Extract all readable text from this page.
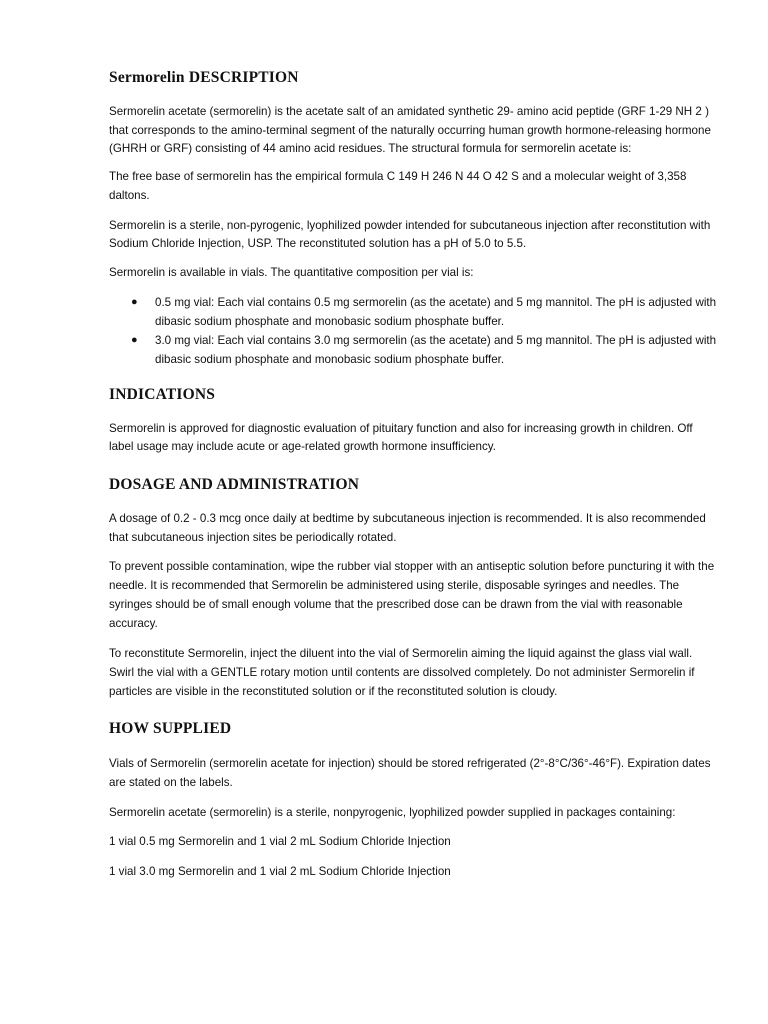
Sermorelin DESCRIPTION

Sermorelin acetate (sermorelin) is the acetate salt of an amidated synthetic 29- amino acid peptide (GRF 1-29 NH 2 ) that corresponds to the amino-terminal segment of the naturally occurring human growth hormone-releasing hormone (GHRH or GRF) consisting of 44 amino acid residues. The structural formula for sermorelin acetate is:

The free base of sermorelin has the empirical formula C 149 H 246 N 44 O 42 S and a molecular weight of 3,358 daltons.

Sermorelin is a sterile, non-pyrogenic, lyophilized powder intended for subcutaneous injection after reconstitution with Sodium Chloride Injection, USP. The reconstituted solution has a pH of 5.0 to 5.5.

Sermorelin is available in vials. The quantitative composition per vial is:

● 0.5 mg vial: Each vial contains 0.5 mg sermorelin (as the acetate) and 5 mg mannitol. The pH is adjusted with dibasic sodium phosphate and monobasic sodium phosphate buffer.
● 3.0 mg vial: Each vial contains 3.0 mg sermorelin (as the acetate) and 5 mg mannitol. The pH is adjusted with dibasic sodium phosphate and monobasic sodium phosphate buffer.
INDICATIONS

Sermorelin is approved for diagnostic evaluation of pituitary function and also for increasing growth in children. Off label usage may include acute or age-related growth hormone insufficiency.

DOSAGE AND ADMINISTRATION

A dosage of 0.2 - 0.3 mcg once daily at bedtime by subcutaneous injection is recommended. It is also recommended that subcutaneous injection sites be periodically rotated.

To prevent possible contamination, wipe the rubber vial stopper with an antiseptic solution before puncturing it with the needle. It is recommended that Sermorelin be administered using sterile, disposable syringes and needles. The syringes should be of small enough volume that the prescribed dose can be drawn from the vial with reasonable accuracy.

To reconstitute Sermorelin, inject the diluent into the vial of Sermorelin aiming the liquid against the glass vial wall. Swirl the vial with a GENTLE rotary motion until contents are dissolved completely. Do not administer Sermorelin if particles are visible in the reconstituted solution or if the reconstituted solution is cloudy.

HOW SUPPLIED

Vials of Sermorelin (sermorelin acetate for injection) should be stored refrigerated (2°-8°C/36°-46°F). Expiration dates are stated on the labels.

Sermorelin acetate (sermorelin) is a sterile, nonpyrogenic, lyophilized powder supplied in packages containing:

1 vial 0.5 mg Sermorelin and 1 vial 2 mL Sodium Chloride Injection

1 vial 3.0 mg Sermorelin and 1 vial 2 mL Sodium Chloride Injection
